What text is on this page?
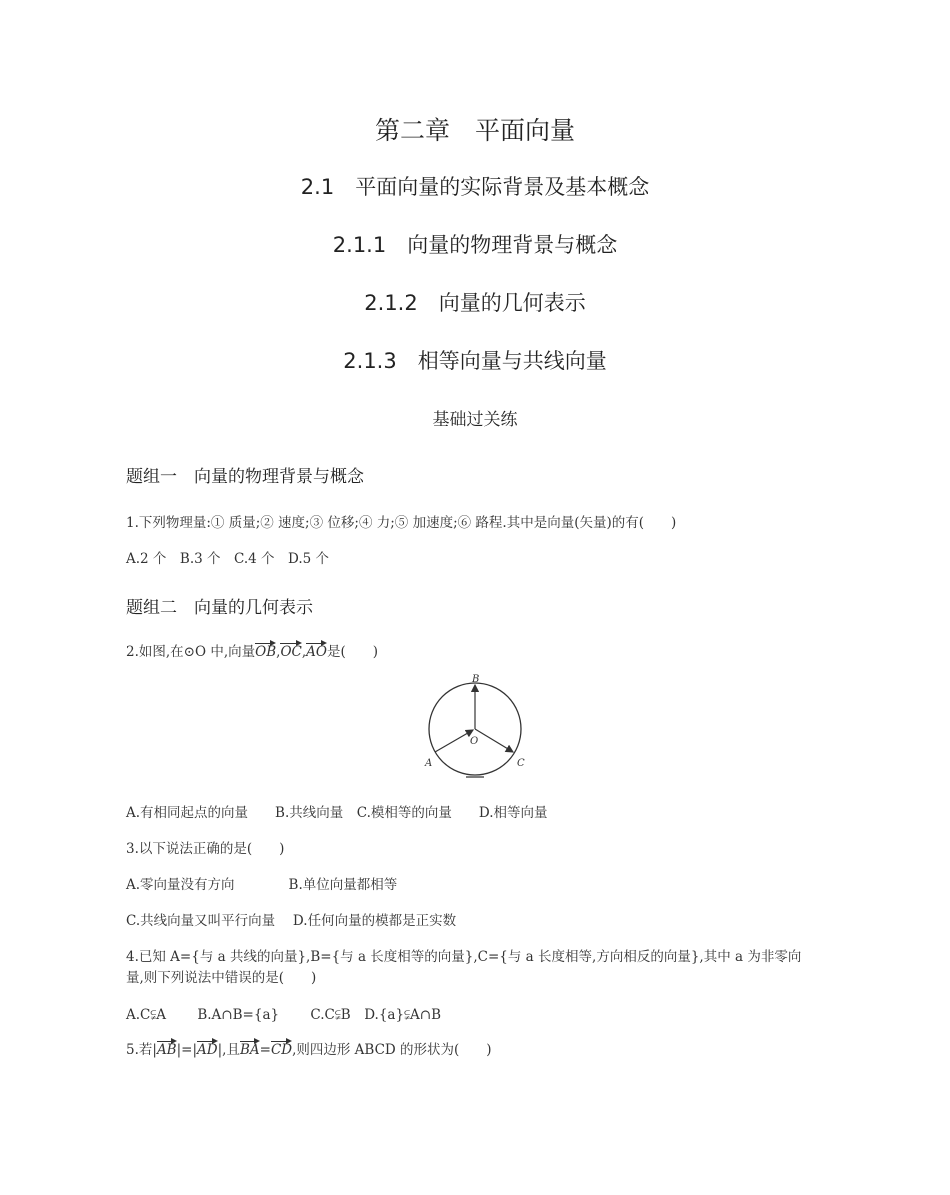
第二章　平面向量
2.1　平面向量的实际背景及基本概念
2.1.1　向量的物理背景与概念
2.1.2　向量的几何表示
2.1.3　相等向量与共线向量
基础过关练
题组一　向量的物理背景与概念
1.下列物理量:① 质量;② 速度;③ 位移;④ 力;⑤ 加速度;⑥ 路程.其中是向量(矢量)的有(　　)
A.2 个　B.3 个　C.4 个　D.5 个
题组二　向量的几何表示
2.如图,在⊙O 中,向量OB,OC,AO是(　　)
B
O
A	C
A.有相同起点的向量　　B.共线向量　C.模相等的向量　　D.相等向量
3.以下说法正确的是(　　)
A.零向量没有方向　　　　B.单位向量都相等
C.共线向量又叫平行向量　 D.任何向量的模都是正实数
4.已知 A={与 a 共线的向量},B={与 a 长度相等的向量},C={与 a 长度相等,方向相反的向量},其中 a 为非零向
量,则下列说法中错误的是(　　)
A.C⫋A　　 B.A∩B={a}　　 C.C⫋B　D.{a}⫋A∩B
5.若|AB|=|AD|,且BA=CD,则四边形 ABCD 的形状为(　　)
